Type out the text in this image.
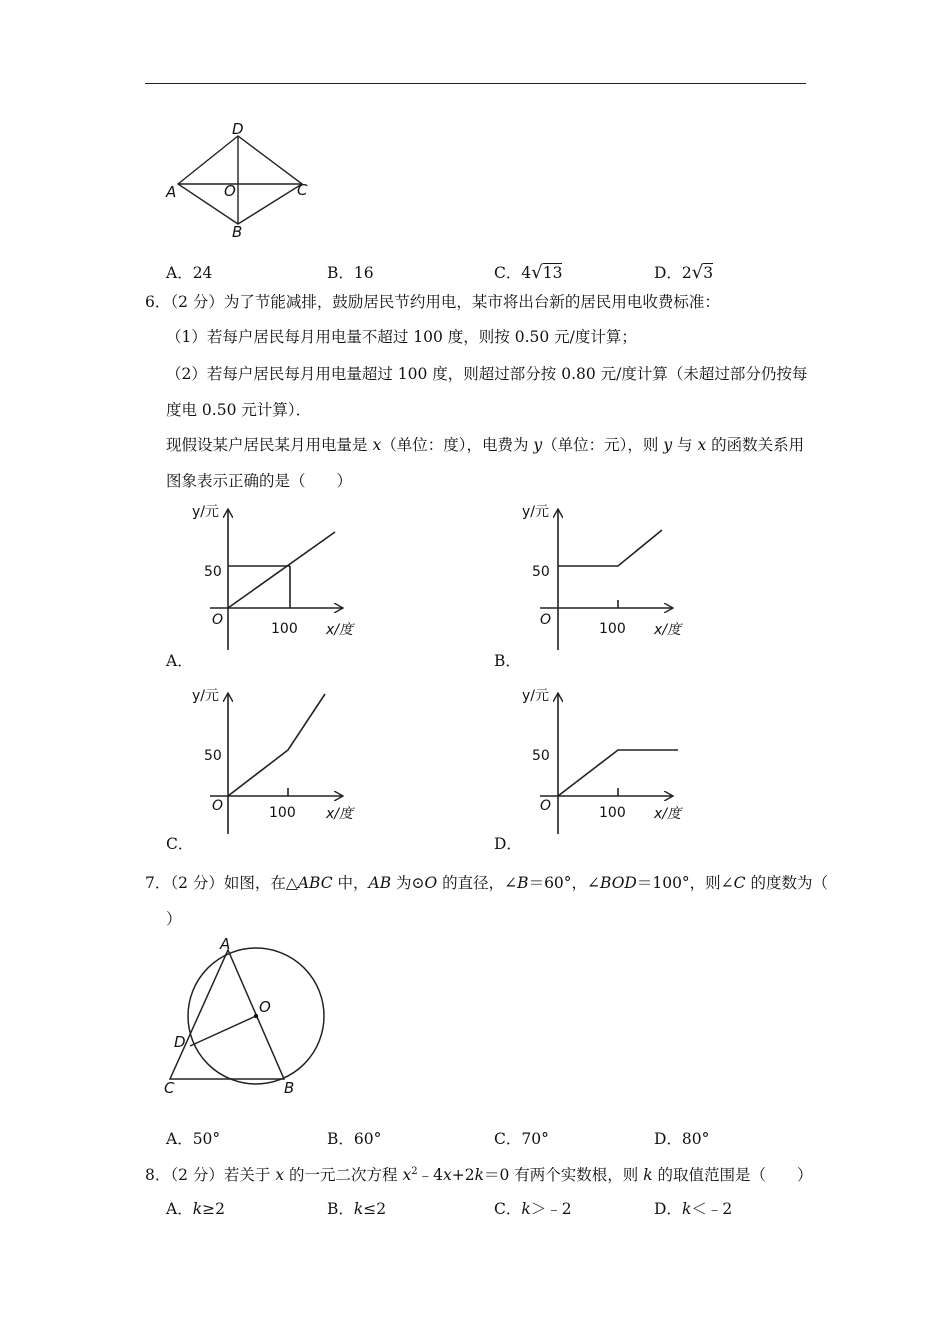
D
A	O	C
B
A．24	B．16	C．4√13	D．2√3
6．（2 分）为了节能减排，鼓励居民节约用电，某市将出台新的居民用电收费标准：
（1）若每户居民每月用电量不超过 100 度，则按 0.50 元/度计算；
（2）若每户居民每月用电量超过 100 度，则超过部分按 0.80 元/度计算（未超过部分仍按每
度电 0.50 元计算）．
现假设某户居民某月用电量是 x（单位：度），电费为 y（单位：元），则 y 与 x 的函数关系用
图象表示正确的是（　　）
y/元
50
O
100 x/度
A．
y/元
50
O
100 x/度
B．
y/元
50
O	100 x/度
C．
y/元
50
O	100 x/度
D．
7．（2 分）如图，在△ABC 中，AB 为⊙O 的直径，∠B＝60°，∠BOD＝100°，则∠C 的度数为（
）
A
O
D
C	B
A．50°	B．60°	C．70°	D．80°
8．（2 分）若关于 x 的一元二次方程 $x^2﹣4x+2k=0$ 有两个实数根，则 k 的取值范围是（　　）
A．k≥2	B．k≤2	C．k＞﹣2	D．k＜﹣2
